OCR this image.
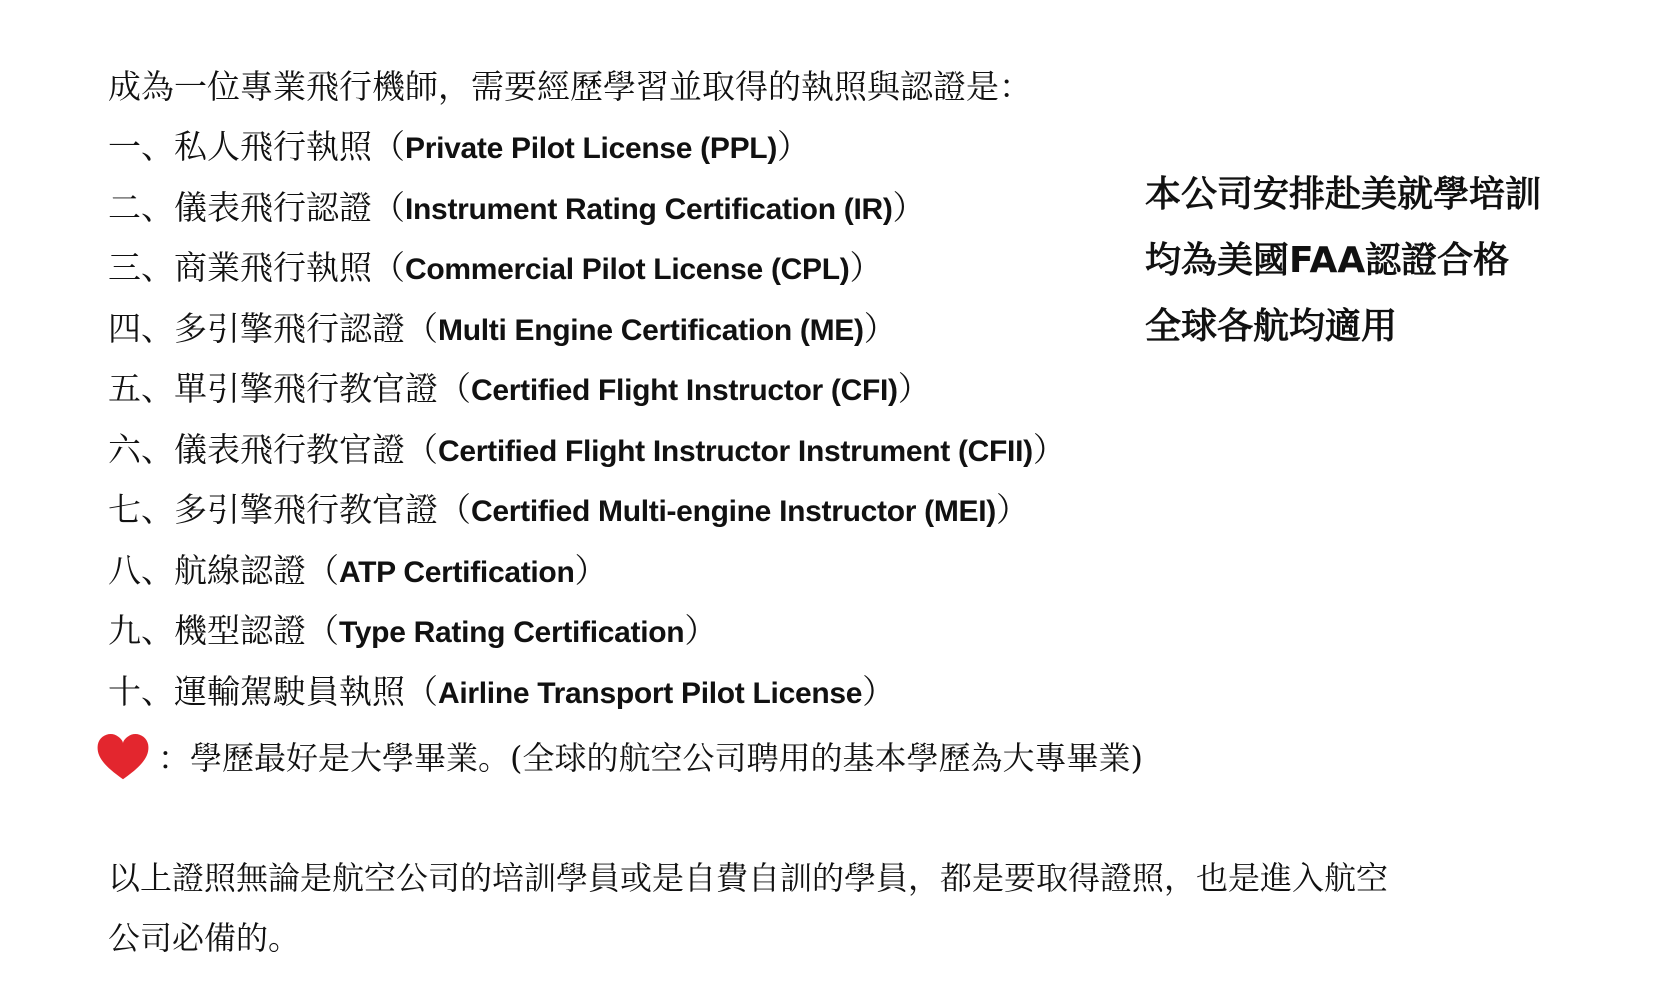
成為一位專業飛行機師，需要經歷學習並取得的執照與認證是：
一、私人飛行執照（Private Pilot License (PPL)）
二、儀表飛行認證（Instrument Rating Certification (IR)）
三、商業飛行執照（Commercial Pilot License (CPL)）
四、多引擎飛行認證（Multi Engine Certification (ME)）
五、單引擎飛行教官證（Certified Flight Instructor (CFI)）
六、儀表飛行教官證（Certified Flight Instructor Instrument (CFII)）
七、多引擎飛行教官證（Certified Multi-engine Instructor (MEI)）
八、航線認證（ATP Certification）
九、機型認證（Type Rating Certification）
十、運輸駕駛員執照（Airline Transport Pilot License）
：學歷最好是大學畢業。(全球的航空公司聘用的基本學歷為大專畢業)
本公司安排赴美就學培訓
均為美國FAA認證合格
全球各航均適用
以上證照無論是航空公司的培訓學員或是自費自訓的學員，都是要取得證照，也是進入航空
公司必備的。
